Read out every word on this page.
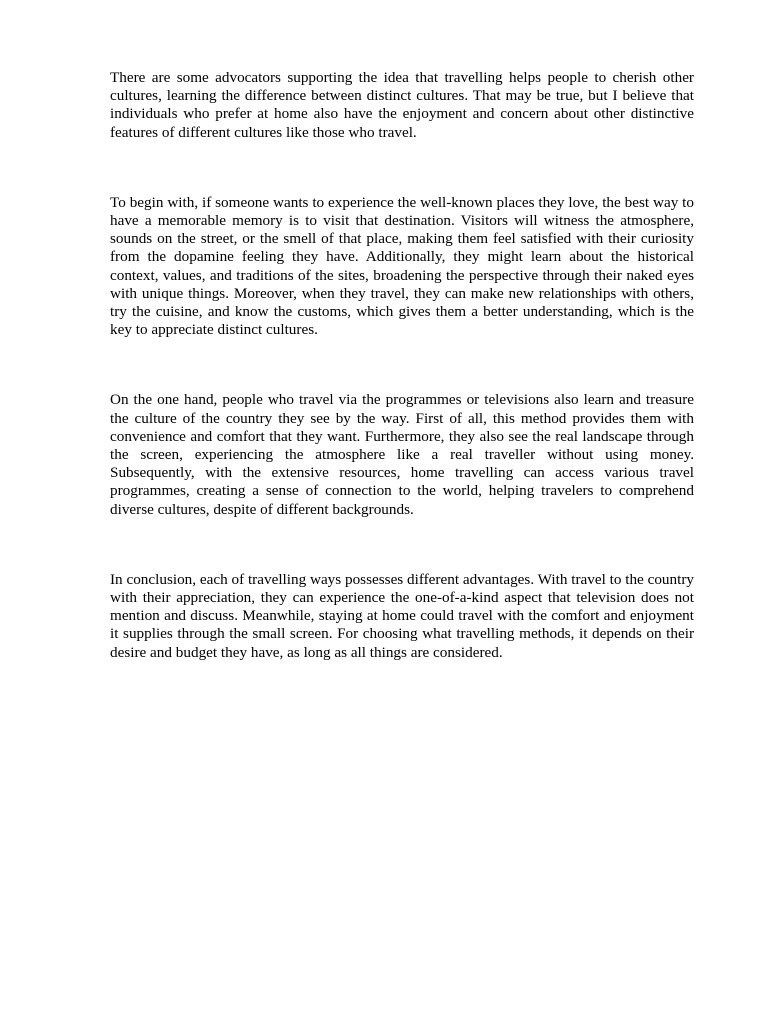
There are some advocators supporting the idea that travelling helps people to cherish other cultures, learning the difference between distinct cultures. That may be true, but I believe that individuals who prefer at home also have the enjoyment and concern about other distinctive features of different cultures like those who travel.

To begin with, if someone wants to experience the well-known places they love, the best way to have a memorable memory is to visit that destination. Visitors will witness the atmosphere, sounds on the street, or the smell of that place, making them feel satisfied with their curiosity from the dopamine feeling they have. Additionally, they might learn about the historical context, values, and traditions of the sites, broadening the perspective through their naked eyes with unique things. Moreover, when they travel, they can make new relationships with others, try the cuisine, and know the customs, which gives them a better understanding, which is the key to appreciate distinct cultures.

On the one hand, people who travel via the programmes or televisions also learn and treasure the culture of the country they see by the way. First of all, this method provides them with convenience and comfort that they want. Furthermore, they also see the real landscape through the screen, experiencing the atmosphere like a real traveller without using money. Subsequently, with the extensive resources, home travelling can access various travel programmes, creating a sense of connection to the world, helping travelers to comprehend diverse cultures, despite of different backgrounds.

In conclusion, each of travelling ways possesses different advantages. With travel to the country with their appreciation, they can experience the one-of-a-kind aspect that television does not mention and discuss. Meanwhile, staying at home could travel with the comfort and enjoyment it supplies through the small screen. For choosing what travelling methods, it depends on their desire and budget they have, as long as all things are considered.
